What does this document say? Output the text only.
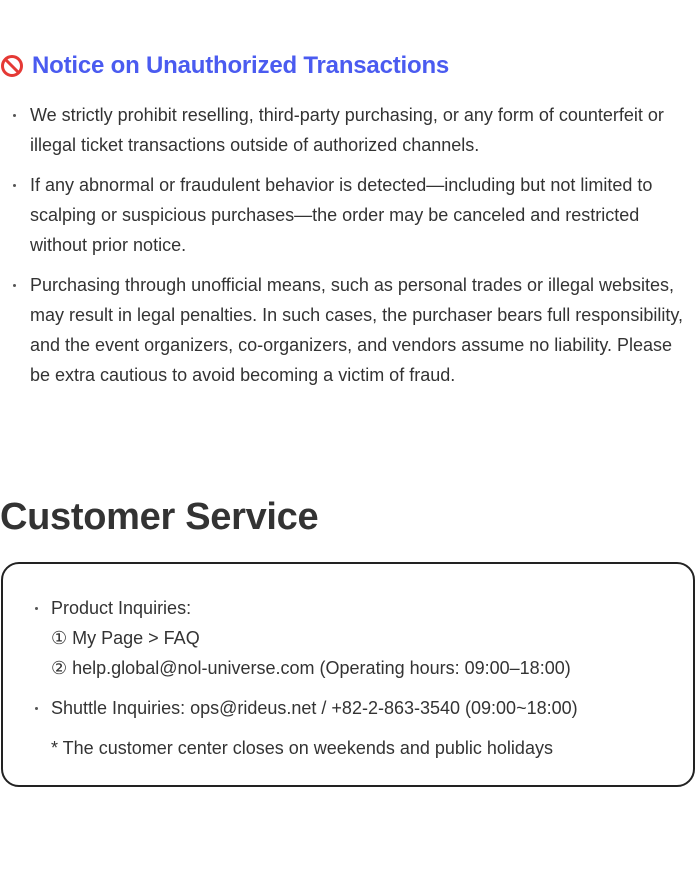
Notice on Unauthorized Transactions
We strictly prohibit reselling, third-party purchasing, or any form of counterfeit or illegal ticket transactions outside of authorized channels.
If any abnormal or fraudulent behavior is detected—including but not limited to scalping or suspicious purchases—the order may be canceled and restricted without prior notice.
Purchasing through unofficial means, such as personal trades or illegal websites, may result in legal penalties. In such cases, the purchaser bears full responsibility, and the event organizers, co-organizers, and vendors assume no liability. Please be extra cautious to avoid becoming a victim of fraud.
Customer Service
Product Inquiries:
① My Page > FAQ
② help.global@nol-universe.com (Operating hours: 09:00–18:00)
Shuttle Inquiries: ops@rideus.net / +82-2-863-3540 (09:00~18:00)
* The customer center closes on weekends and public holidays
